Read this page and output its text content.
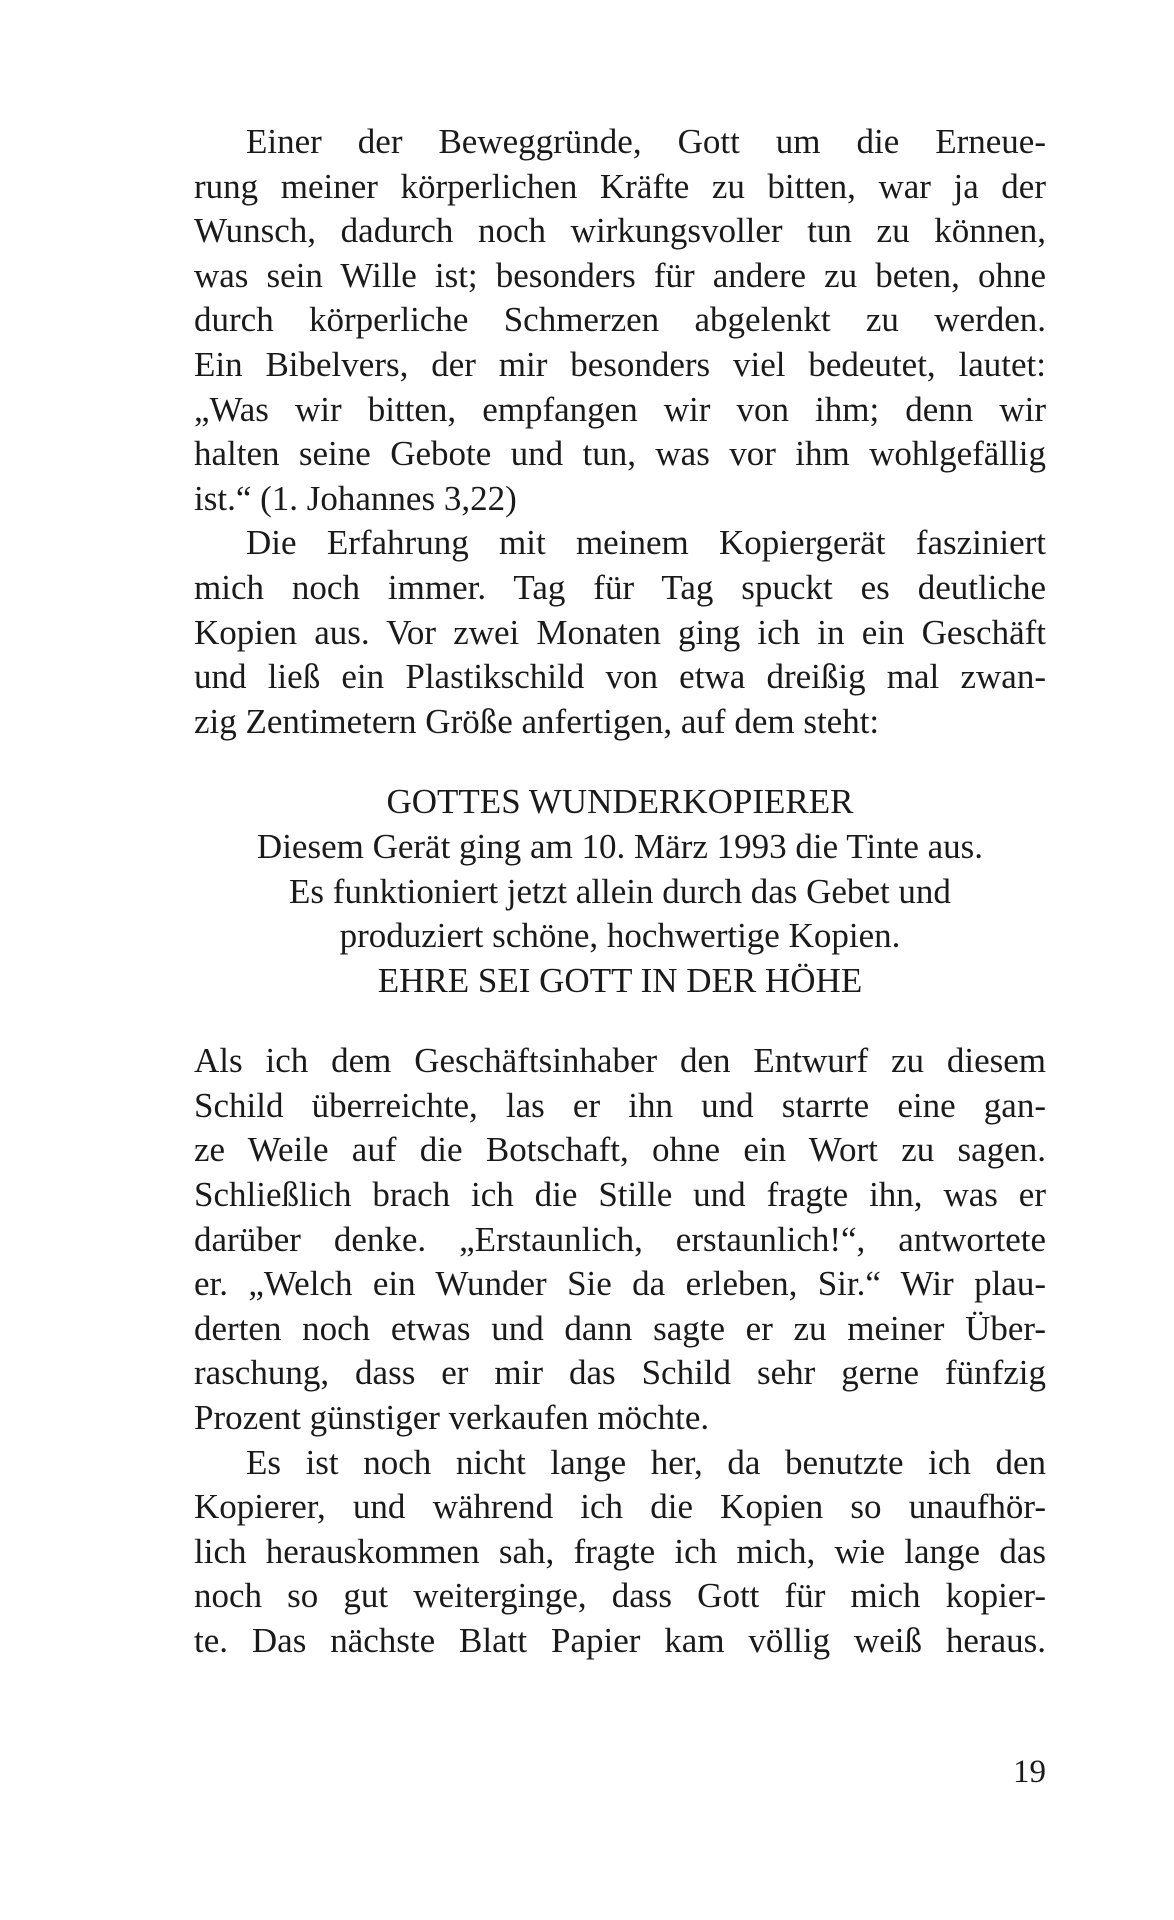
Einer der Beweggründe, Gott um die Erneue-
rung meiner körperlichen Kräfte zu bitten, war ja der
Wunsch, dadurch noch wirkungsvoller tun zu können,
was sein Wille ist; besonders für andere zu beten, ohne
durch körperliche Schmerzen abgelenkt zu werden.
Ein Bibelvers, der mir besonders viel bedeutet, lautet:
„Was wir bitten, empfangen wir von ihm; denn wir
halten seine Gebote und tun, was vor ihm wohlgefällig
ist.“ (1. Johannes 3,22)
Die Erfahrung mit meinem Kopiergerät fasziniert
mich noch immer. Tag für Tag spuckt es deutliche
Kopien aus. Vor zwei Monaten ging ich in ein Geschäft
und ließ ein Plastikschild von etwa dreißig mal zwan-
zig Zentimetern Größe anfertigen, auf dem steht:
GOTTES WUNDERKOPIERER
Diesem Gerät ging am 10. März 1993 die Tinte aus.
Es funktioniert jetzt allein durch das Gebet und
produziert schöne, hochwertige Kopien.
EHRE SEI GOTT IN DER HÖHE
Als ich dem Geschäftsinhaber den Entwurf zu diesem
Schild überreichte, las er ihn und starrte eine gan-
ze Weile auf die Botschaft, ohne ein Wort zu sagen.
Schließlich brach ich die Stille und fragte ihn, was er
darüber denke. „Erstaunlich, erstaunlich!“, antwortete
er. „Welch ein Wunder Sie da erleben, Sir.“ Wir plau-
derten noch etwas und dann sagte er zu meiner Über-
raschung, dass er mir das Schild sehr gerne fünfzig
Prozent günstiger verkaufen möchte.
Es ist noch nicht lange her, da benutzte ich den
Kopierer, und während ich die Kopien so unaufhör-
lich herauskommen sah, fragte ich mich, wie lange das
noch so gut weiterginge, dass Gott für mich kopier-
te. Das nächste Blatt Papier kam völlig weiß heraus.
19
